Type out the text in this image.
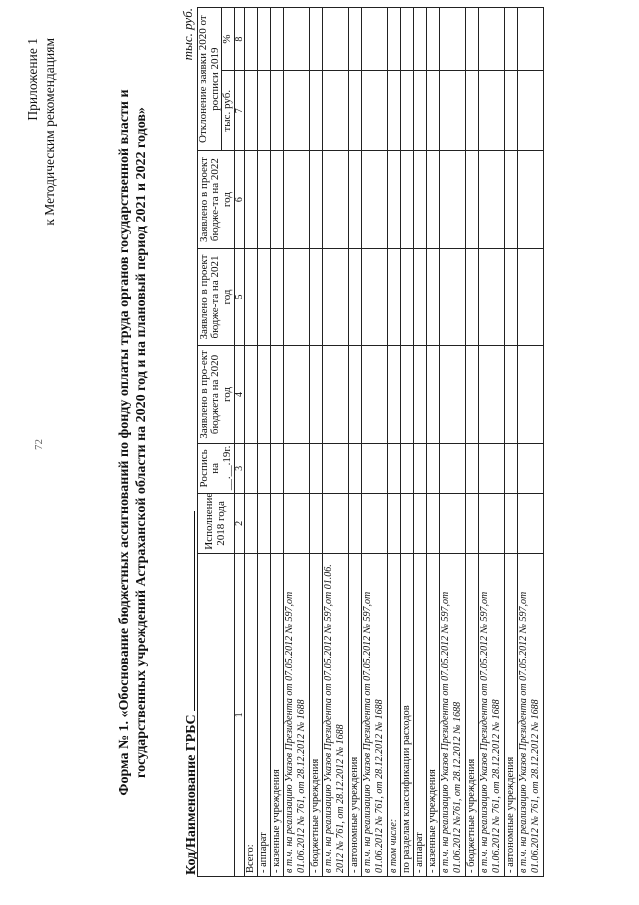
Приложение 1 к Методическим рекомендациям
72	Форма № 1. «Обоснование бюджетных ассигнований по фонду оплаты труда органов государственной власти и государственных учреждений Астраханской области на 2020 год и на плановый период 2021 и 2022 годов»
Код/Наименование ГРБС
тыс. руб.
	Исполнение 2018 года	Роспись на __.__.19г.	Заявлено в про-ект бюджета на 2020 год	Заявлено в проект бюдже-та на 2021 год	Заявлено в проект бюдже-та на 2022 год	Отклонение заявки 2020 от росписи 2019	
						тыс. руб.	%
1	2	3	4	5	6	7	8
Всего:							
- аппарат							
- казенные учреждения							
в т.ч. на реализацию Указов Президента от 07.05.2012 № 597,от 01.06.2012 № 761, от 28.12.2012 № 1688							
- бюджетные учреждения							
в т.ч. на реализацию Указов Президента от 07.05.2012 № 597,от 01.06. 2012 № 761, от 28.12.2012 № 1688							
- автономные учреждения							
в т.ч. на реализацию Указов Президента от 07.05.2012 № 597,от 01.06.2012 № 761, от 28.12.2012 № 1688							
в том числе:							
по разделам классификации расходов							
- аппарат							
- казенные учреждения							
в т.ч. на реализацию Указов Президента от 07.05.2012 № 597,от 01.06.2012 №761, от 28.12.2012 № 1688							
- бюджетные учреждения							
в т.ч. на реализацию Указов Президента от 07.05.2012 № 597,от 01.06.2012 № 761, от 28.12.2012 № 1688							
- автономные учреждения							
в т.ч. на реализацию Указов Президента от 07.05.2012 № 597,от 01.06.2012 № 761, от 28.12.2012 № 1688							
